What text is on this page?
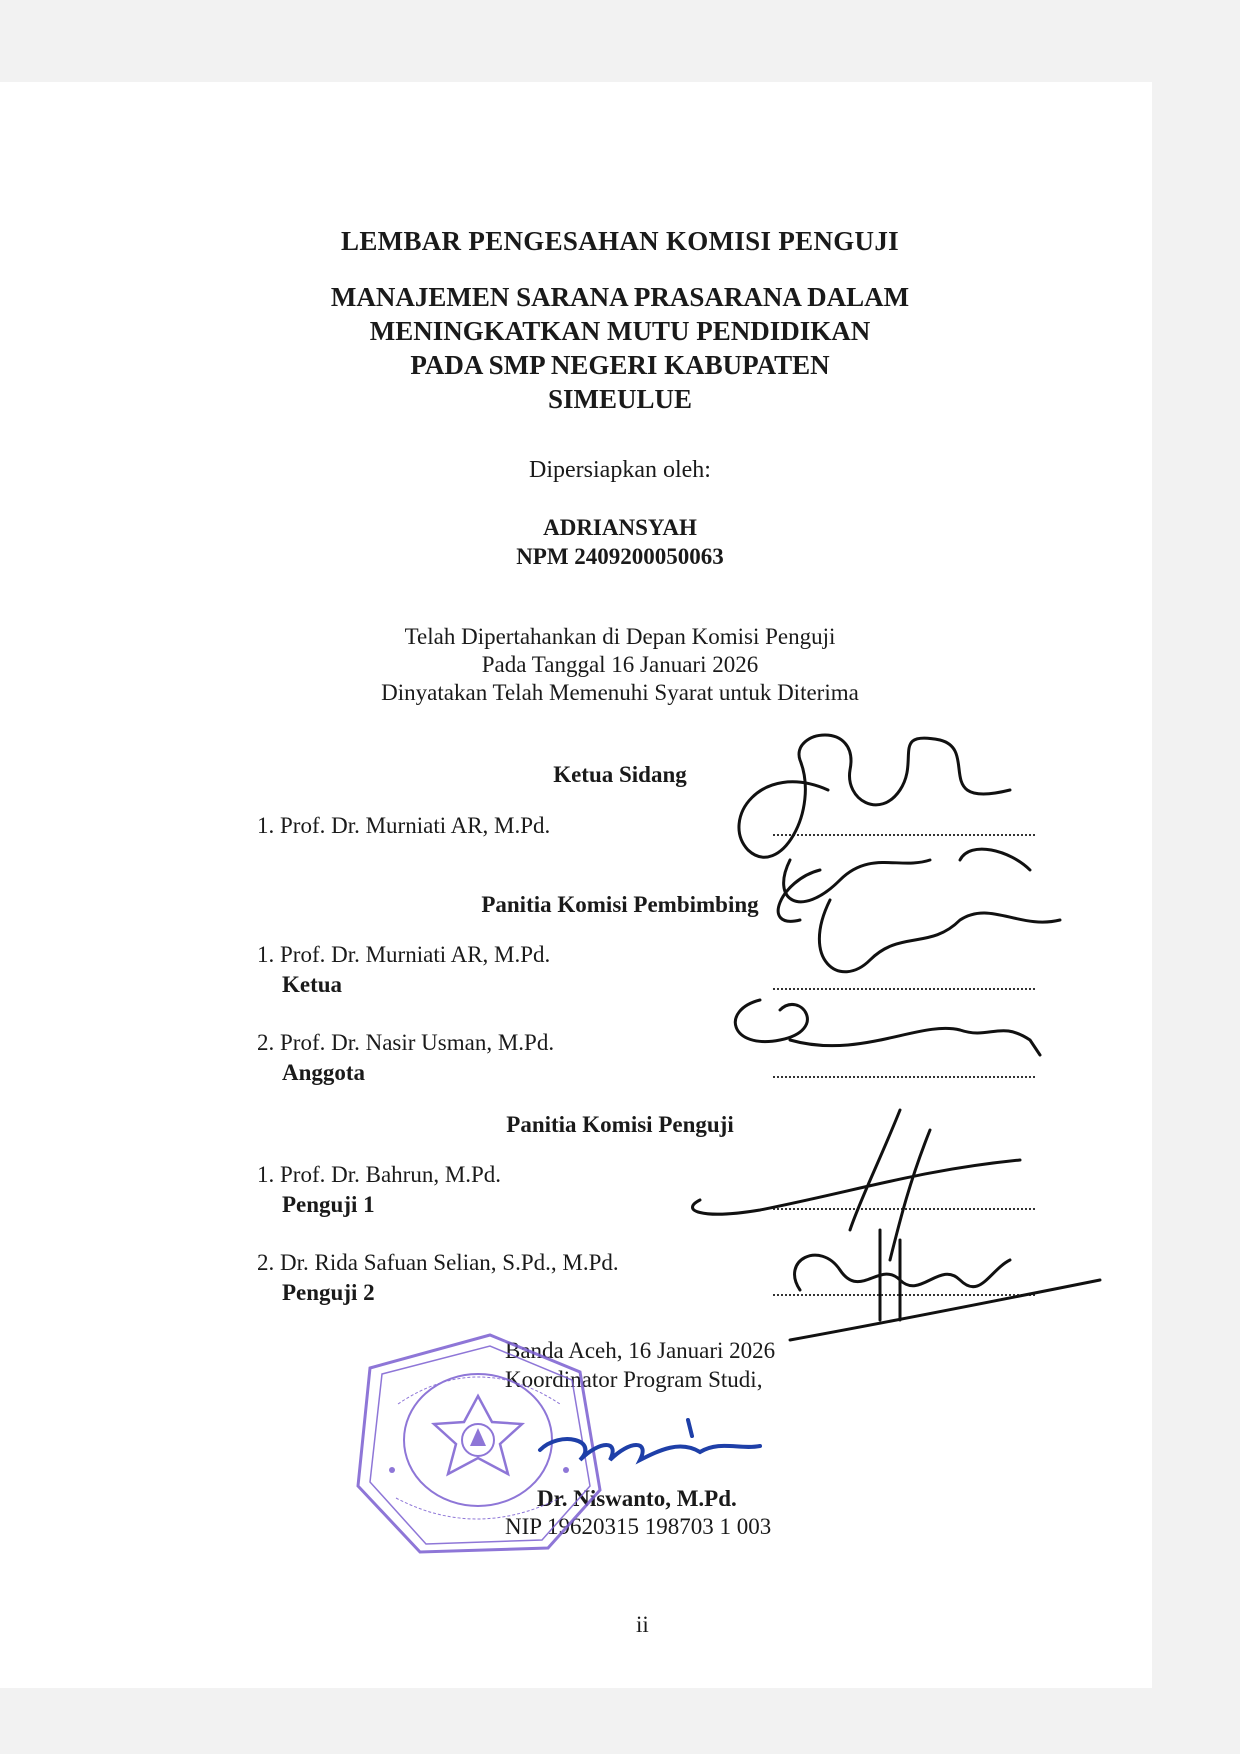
LEMBAR PENGESAHAN KOMISI PENGUJI
MANAJEMEN SARANA PRASARANA DALAM
MENINGKATKAN MUTU PENDIDIKAN
PADA SMP NEGERI KABUPATEN
SIMEULUE
Dipersiapkan oleh:
ADRIANSYAH
NPM 2409200050063
Telah Dipertahankan di Depan Komisi Penguji
Pada Tanggal 16 Januari 2026
Dinyatakan Telah Memenuhi Syarat untuk Diterima
Ketua Sidang
1. Prof. Dr. Murniati AR, M.Pd.
Panitia Komisi Pembimbing
1. Prof. Dr. Murniati AR, M.Pd.
Ketua
2. Prof. Dr. Nasir Usman, M.Pd.
Anggota
Panitia Komisi Penguji
1. Prof. Dr. Bahrun, M.Pd.
Penguji 1
2. Dr. Rida Safuan Selian, S.Pd., M.Pd.
Penguji 2
Banda Aceh, 16 Januari 2026
Koordinator Program Studi,
Dr. Niswanto, M.Pd.
NIP 19620315 198703 1 003
ii
